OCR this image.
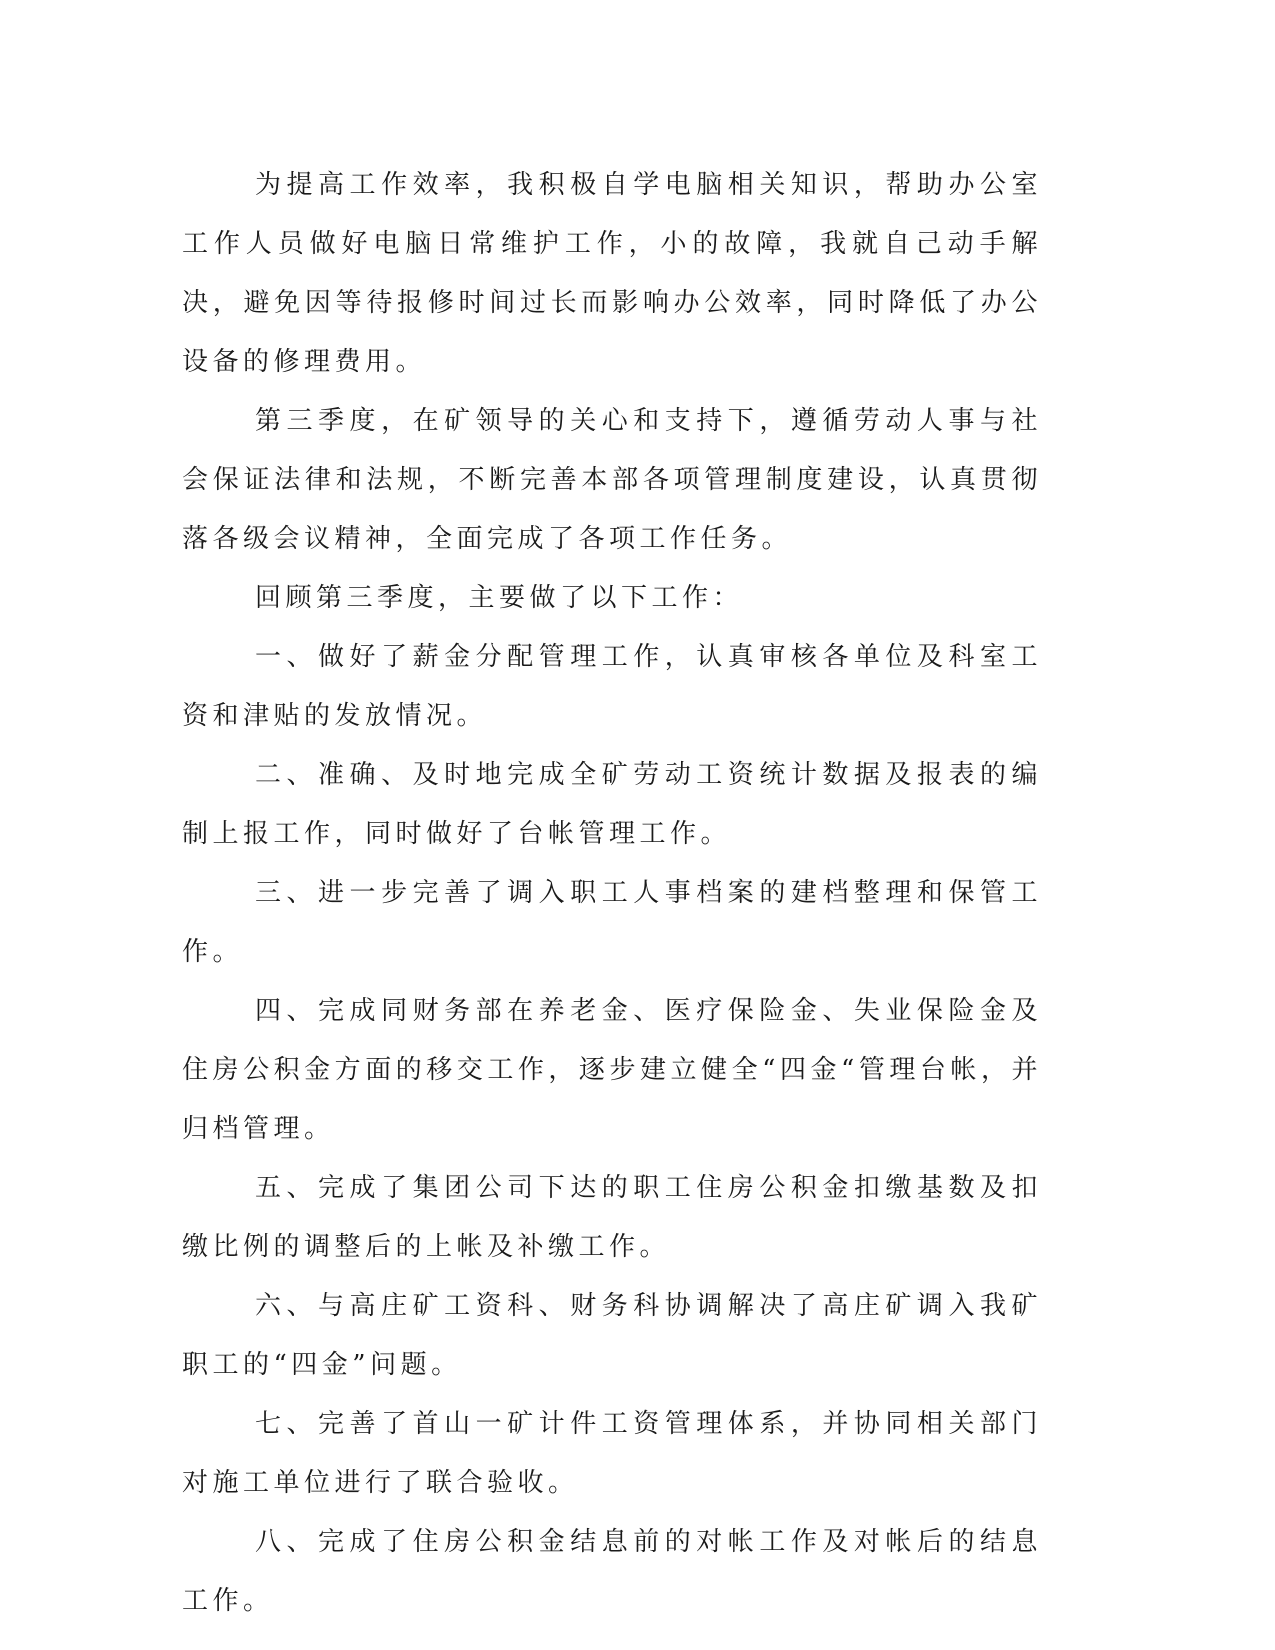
为提高工作效率，我积极自学电脑相关知识，帮助办公室工作人员做好电脑日常维护工作，小的故障，我就自己动手解决，避免因等待报修时间过长而影响办公效率，同时降低了办公设备的修理费用。

第三季度，在矿领导的关心和支持下，遵循劳动人事与社会保证法律和法规，不断完善本部各项管理制度建设，认真贯彻落各级会议精神，全面完成了各项工作任务。

回顾第三季度，主要做了以下工作：

一、做好了薪金分配管理工作，认真审核各单位及科室工资和津贴的发放情况。

二、准确、及时地完成全矿劳动工资统计数据及报表的编制上报工作，同时做好了台帐管理工作。

三、进一步完善了调入职工人事档案的建档整理和保管工作。

四、完成同财务部在养老金、医疗保险金、失业保险金及住房公积金方面的移交工作，逐步建立健全“四金“管理台帐，并归档管理。

五、完成了集团公司下达的职工住房公积金扣缴基数及扣缴比例的调整后的上帐及补缴工作。

六、与高庄矿工资科、财务科协调解决了高庄矿调入我矿职工的“四金”问题。

七、完善了首山一矿计件工资管理体系，并协同相关部门对施工单位进行了联合验收。

八、完成了住房公积金结息前的对帐工作及对帐后的结息工作。
